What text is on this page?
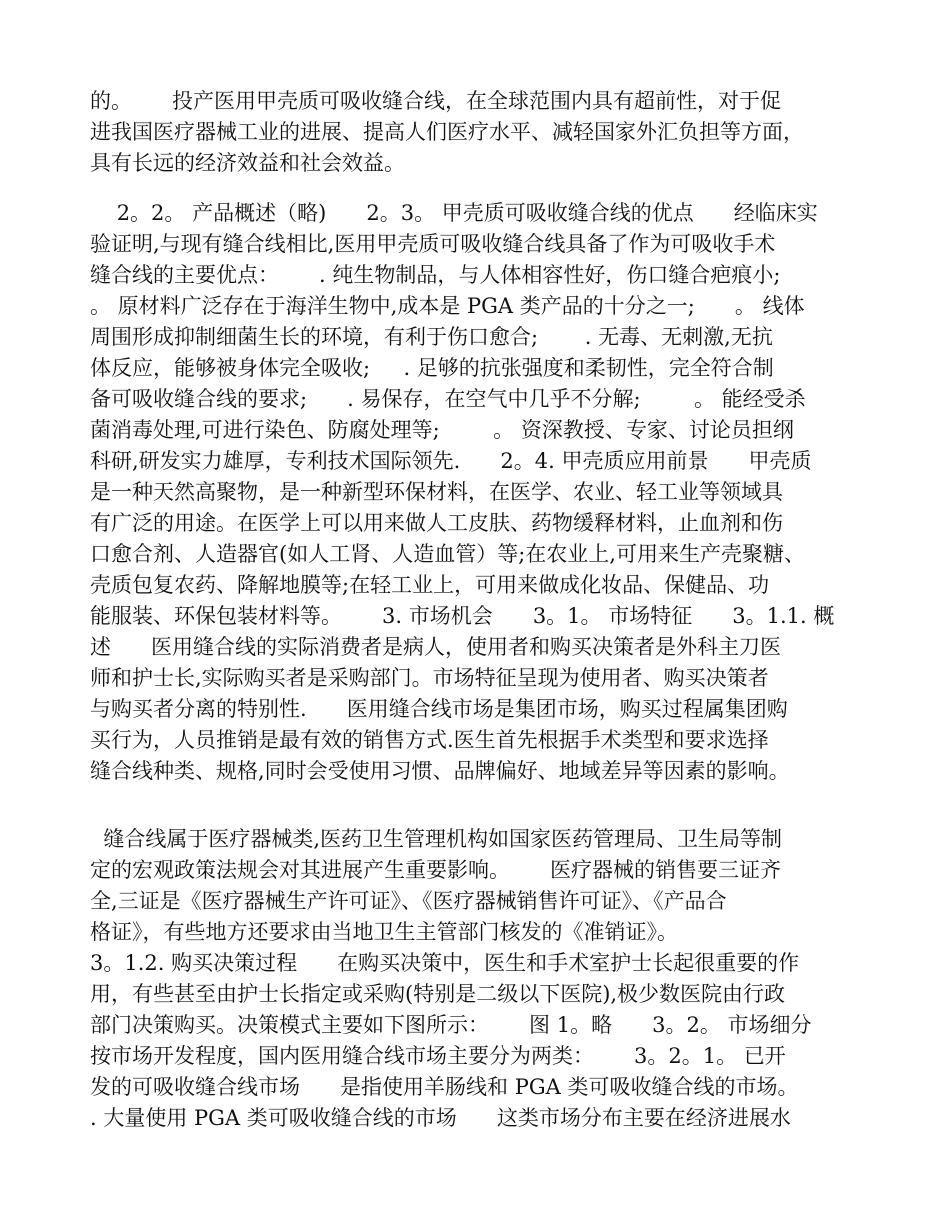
的。      投产医用甲壳质可吸收缝合线，在全球范围内具有超前性，对于促
进我国医疗器械工业的进展、提高人们医疗水平、减轻国家外汇负担等方面，
具有长远的经济效益和社会效益。
2。2。 产品概述（略)      2。3。 甲壳质可吸收缝合线的优点      经临床实
验证明,与现有缝合线相比,医用甲壳质可吸收缝合线具备了作为可吸收手术
缝合线的主要优点：      . 纯生物制品，与人体相容性好，伤口缝合疤痕小;
。 原材料广泛存在于海洋生物中,成本是 PGA 类产品的十分之一;      。 线体
周围形成抑制细菌生长的环境，有利于伤口愈合;       . 无毒、无刺激,无抗
体反应，能够被身体完全吸收;     . 足够的抗张强度和柔韧性，完全符合制
备可吸收缝合线的要求;      . 易保存，在空气中几乎不分解;        。 能经受杀
菌消毒处理,可进行染色、防腐处理等;        。 资深教授、专家、讨论员担纲
科研,研发实力雄厚，专利技术国际领先.      2。4. 甲壳质应用前景      甲壳质
是一种天然高聚物，是一种新型环保材料，在医学、农业、轻工业等领域具
有广泛的用途。在医学上可以用来做人工皮肤、药物缓释材料，止血剂和伤
口愈合剂、人造器官(如人工肾、人造血管）等;在农业上,可用来生产壳聚糖、
壳质包复农药、降解地膜等;在轻工业上，可用来做成化妆品、保健品、功
能服装、环保包装材料等。      3. 市场机会      3。1。 市场特征      3。1.1. 概
述      医用缝合线的实际消费者是病人，使用者和购买决策者是外科主刀医
师和护士长,实际购买者是采购部门。市场特征呈现为使用者、购买决策者
与购买者分离的特别性.      医用缝合线市场是集团市场，购买过程属集团购
买行为，人员推销是最有效的销售方式.医生首先根据手术类型和要求选择
缝合线种类、规格,同时会受使用习惯、品牌偏好、地域差异等因素的影响。
缝合线属于医疗器械类,医药卫生管理机构如国家医药管理局、卫生局等制
定的宏观政策法规会对其进展产生重要影响。      医疗器械的销售要三证齐
全,三证是《医疗器械生产许可证》、《医疗器械销售许可证》、《产品合
格证》，有些地方还要求由当地卫生主管部门核发的《准销证》。
3。1.2. 购买决策过程      在购买决策中，医生和手术室护士长起很重要的作
用，有些甚至由护士长指定或采购(特别是二级以下医院),极少数医院由行政
部门决策购买。决策模式主要如下图所示：      图 1。略      3。2。 市场细分
按市场开发程度，国内医用缝合线市场主要分为两类：      3。2。1。 已开
发的可吸收缝合线市场      是指使用羊肠线和 PGA 类可吸收缝合线的市场。
. 大量使用 PGA 类可吸收缝合线的市场      这类市场分布主要在经济进展水
